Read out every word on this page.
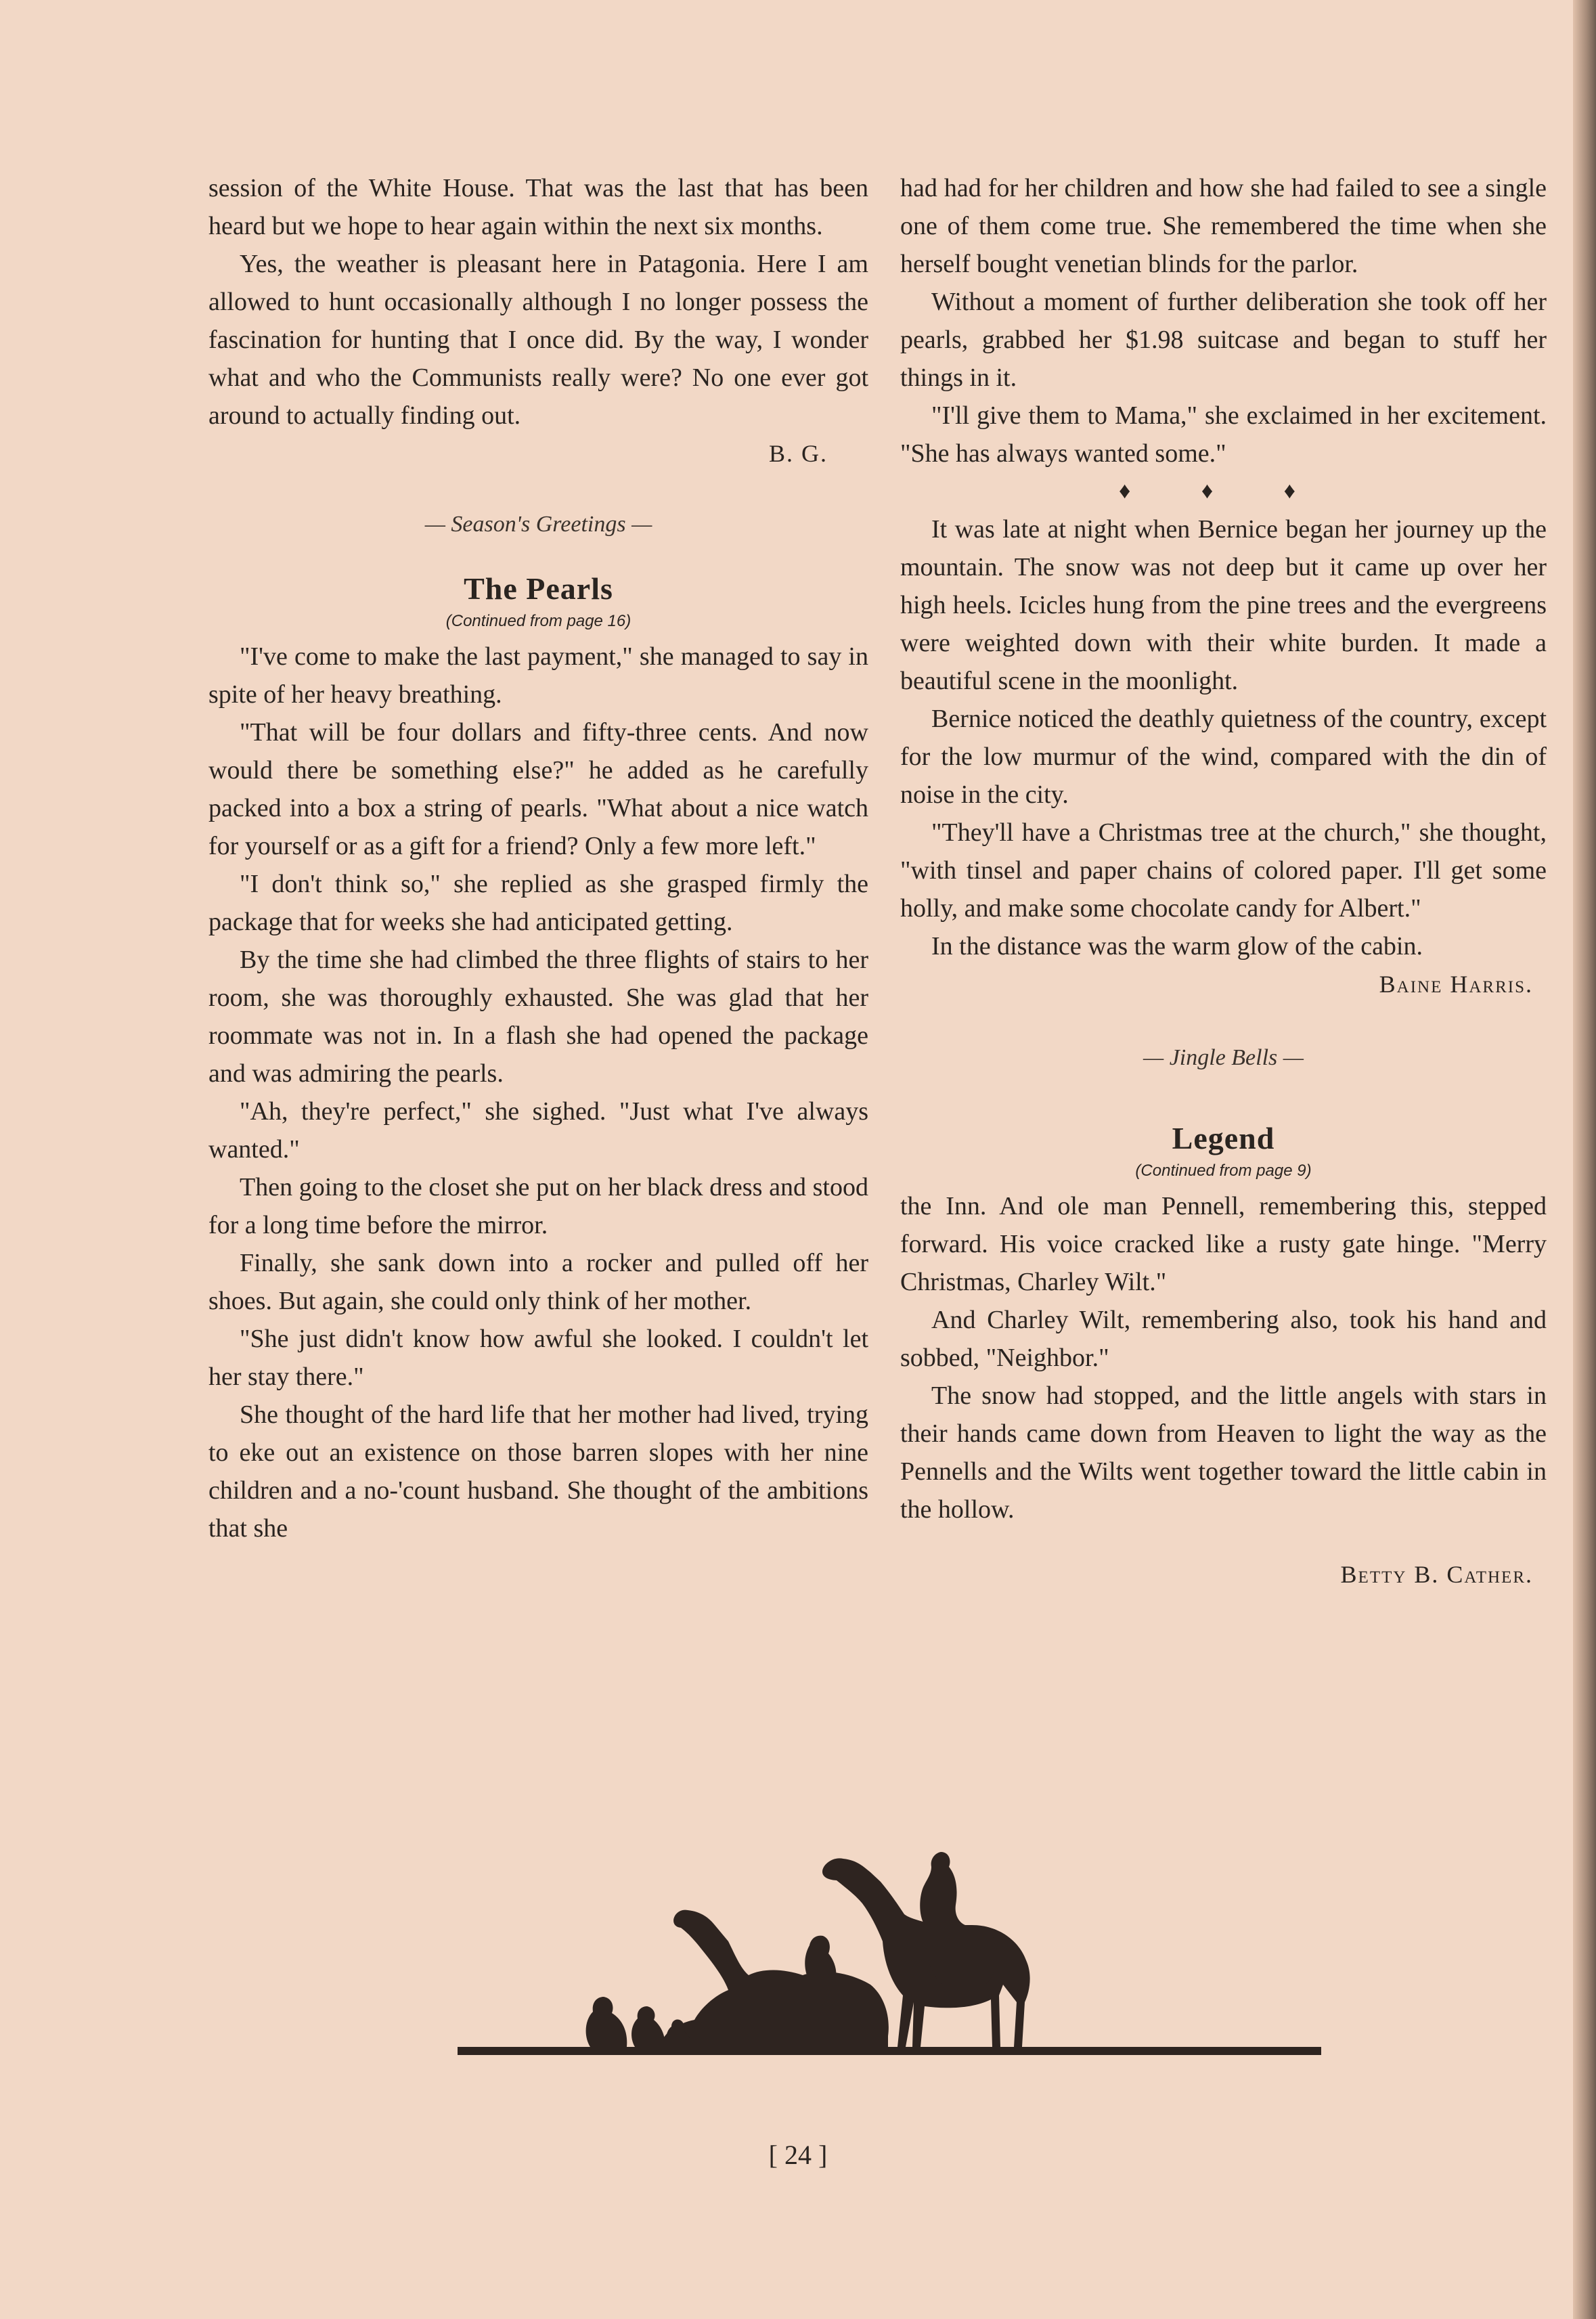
session of the White House. That was the last that has been heard but we hope to hear again within the next six months.

Yes, the weather is pleasant here in Patagonia. Here I am allowed to hunt occasionally although I no longer possess the fascination for hunting that I once did. By the way, I wonder what and who the Communists really were? No one ever got around to actually finding out.

B. G.
— Season's Greetings —
The Pearls
(Continued from page 16)

"I've come to make the last payment," she managed to say in spite of her heavy breathing.

"That will be four dollars and fifty-three cents. And now would there be something else?" he added as he carefully packed into a box a string of pearls. "What about a nice watch for yourself or as a gift for a friend? Only a few more left."

"I don't think so," she replied as she grasped firmly the package that for weeks she had anticipated getting.

By the time she had climbed the three flights of stairs to her room, she was thoroughly exhausted. She was glad that her roommate was not in. In a flash she had opened the package and was admiring the pearls.

"Ah, they're perfect," she sighed. "Just what I've always wanted."

Then going to the closet she put on her black dress and stood for a long time before the mirror.

Finally, she sank down into a rocker and pulled off her shoes. But again, she could only think of her mother.

"She just didn't know how awful she looked. I couldn't let her stay there."

She thought of the hard life that her mother had lived, trying to eke out an existence on those barren slopes with her nine children and a no-'count husband. She thought of the ambitions that she

had had for her children and how she had failed to see a single one of them come true. She remembered the time when she herself bought venetian blinds for the parlor.

Without a moment of further deliberation she took off her pearls, grabbed her $1.98 suitcase and began to stuff her things in it.

"I'll give them to Mama," she exclaimed in her excitement. "She has always wanted some."

♦ ♦ ♦

It was late at night when Bernice began her journey up the mountain. The snow was not deep but it came up over her high heels. Icicles hung from the pine trees and the evergreens were weighted down with their white burden. It made a beautiful scene in the moonlight.

Bernice noticed the deathly quietness of the country, except for the low murmur of the wind, compared with the din of noise in the city.

"They'll have a Christmas tree at the church," she thought, "with tinsel and paper chains of colored paper. I'll get some holly, and make some chocolate candy for Albert."

In the distance was the warm glow of the cabin.

Baine Harris.
— Jingle Bells —
Legend
(Continued from page 9)

the Inn. And ole man Pennell, remembering this, stepped forward. His voice cracked like a rusty gate hinge. "Merry Christmas, Charley Wilt."

And Charley Wilt, remembering also, took his hand and sobbed, "Neighbor."

The snow had stopped, and the little angels with stars in their hands came down from Heaven to light the way as the Pennells and the Wilts went together toward the little cabin in the hollow.

Betty B. Cather.
[ 24 ]
